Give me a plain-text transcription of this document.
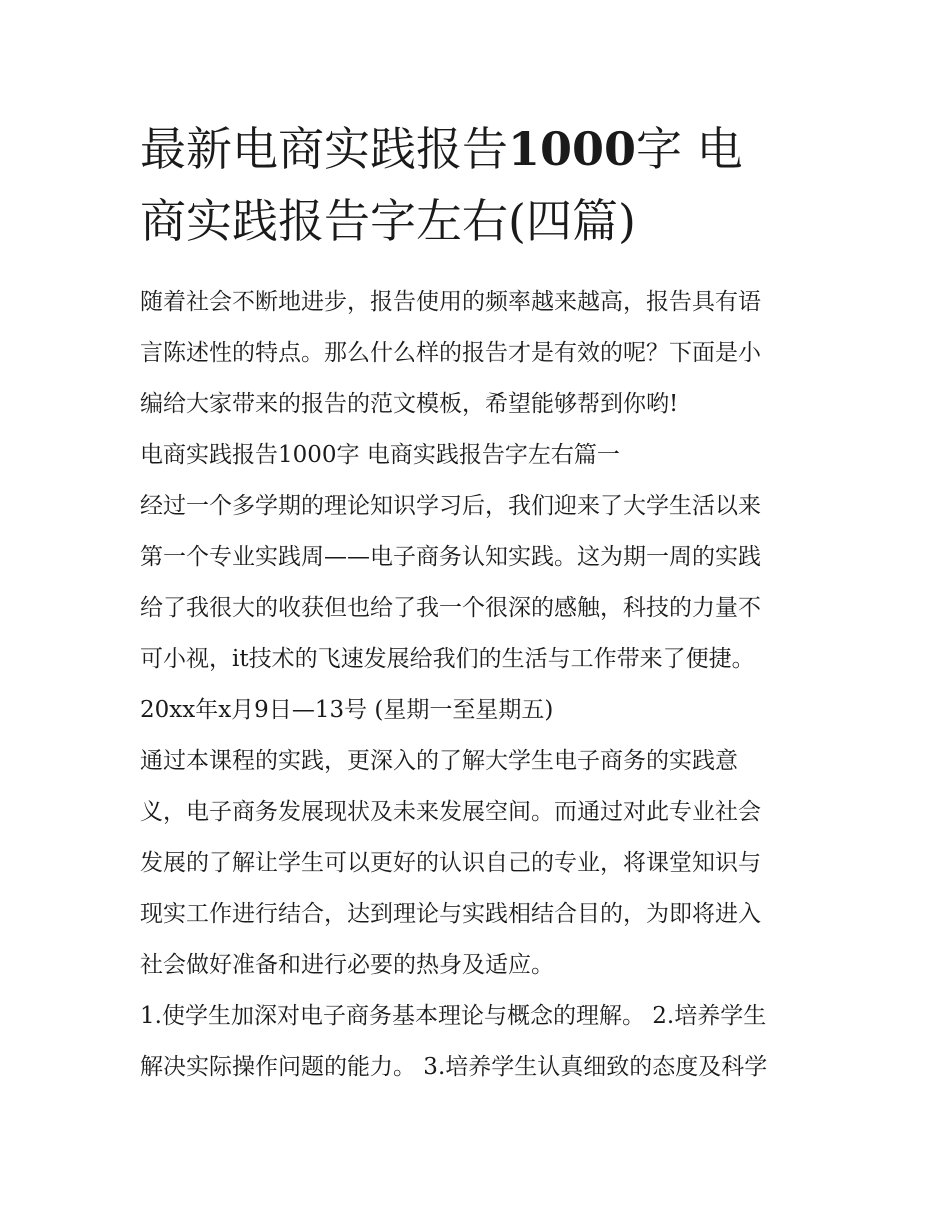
最新电商实践报告1000字 电
商实践报告字左右(四篇)

随着社会不断地进步，报告使用的频率越来越高，报告具有语
言陈述性的特点。那么什么样的报告才是有效的呢？下面是小
编给大家带来的报告的范文模板，希望能够帮到你哟!

电商实践报告1000字 电商实践报告字左右篇一

经过一个多学期的理论知识学习后，我们迎来了大学生活以来
第一个专业实践周——电子商务认知实践。这为期一周的实践
给了我很大的收获但也给了我一个很深的感触，科技的力量不
可小视，it技术的飞速发展给我们的生活与工作带来了便捷。

20xx年x月9日—13号 (星期一至星期五)

通过本课程的实践，更深入的了解大学生电子商务的实践意
义，电子商务发展现状及未来发展空间。而通过对此专业社会
发展的了解让学生可以更好的认识自己的专业，将课堂知识与
现实工作进行结合，达到理论与实践相结合目的，为即将进入
社会做好准备和进行必要的热身及适应。

1.使学生加深对电子商务基本理论与概念的理解。 2.培养学生
解决实际操作问题的能力。 3.培养学生认真细致的态度及科学
